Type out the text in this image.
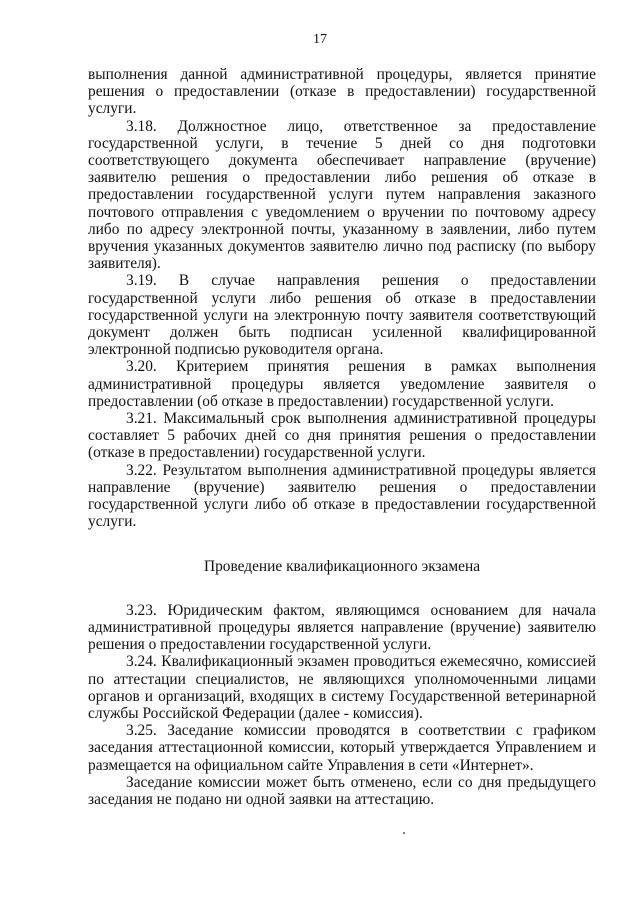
17

выполнения данной административной процедуры, является принятие решения о предоставлении (отказе в предоставлении) государственной услуги.

3.18. Должностное лицо, ответственное за предоставление государственной услуги, в течение 5 дней со дня подготовки соответствующего документа обеспечивает направление (вручение) заявителю решения о предоставлении либо решения об отказе в предоставлении государственной услуги путем направления заказного почтового отправления с уведомлением о вручении по почтовому адресу либо по адресу электронной почты, указанному в заявлении, либо путем вручения указанных документов заявителю лично под расписку (по выбору заявителя).

3.19. В случае направления решения о предоставлении государственной услуги либо решения об отказе в предоставлении государственной услуги на электронную почту заявителя соответствующий документ должен быть подписан усиленной квалифицированной электронной подписью руководителя органа.

3.20. Критерием принятия решения в рамках выполнения административной процедуры является уведомление заявителя о предоставлении (об отказе в предоставлении) государственной услуги.

3.21. Максимальный срок выполнения административной процедуры составляет 5 рабочих дней со дня принятия решения о предоставлении (отказе в предоставлении) государственной услуги.

3.22. Результатом выполнения административной процедуры является направление (вручение) заявителю решения о предоставлении государственной услуги либо об отказе в предоставлении государственной услуги.

Проведение квалификационного экзамена

3.23. Юридическим фактом, являющимся основанием для начала административной процедуры является направление (вручение) заявителю решения о предоставлении государственной услуги.

3.24. Квалификационный экзамен проводиться ежемесячно, комиссией по аттестации специалистов, не являющихся уполномоченными лицами органов и организаций, входящих в систему Государственной ветеринарной службы Российской Федерации (далее - комиссия).

3.25. Заседание комиссии проводятся в соответствии с графиком заседания аттестационной комиссии, который утверждается Управлением и размещается на официальном сайте Управления в сети «Интернет».

Заседание комиссии может быть отменено, если со дня предыдущего заседания не подано ни одной заявки на аттестацию.
